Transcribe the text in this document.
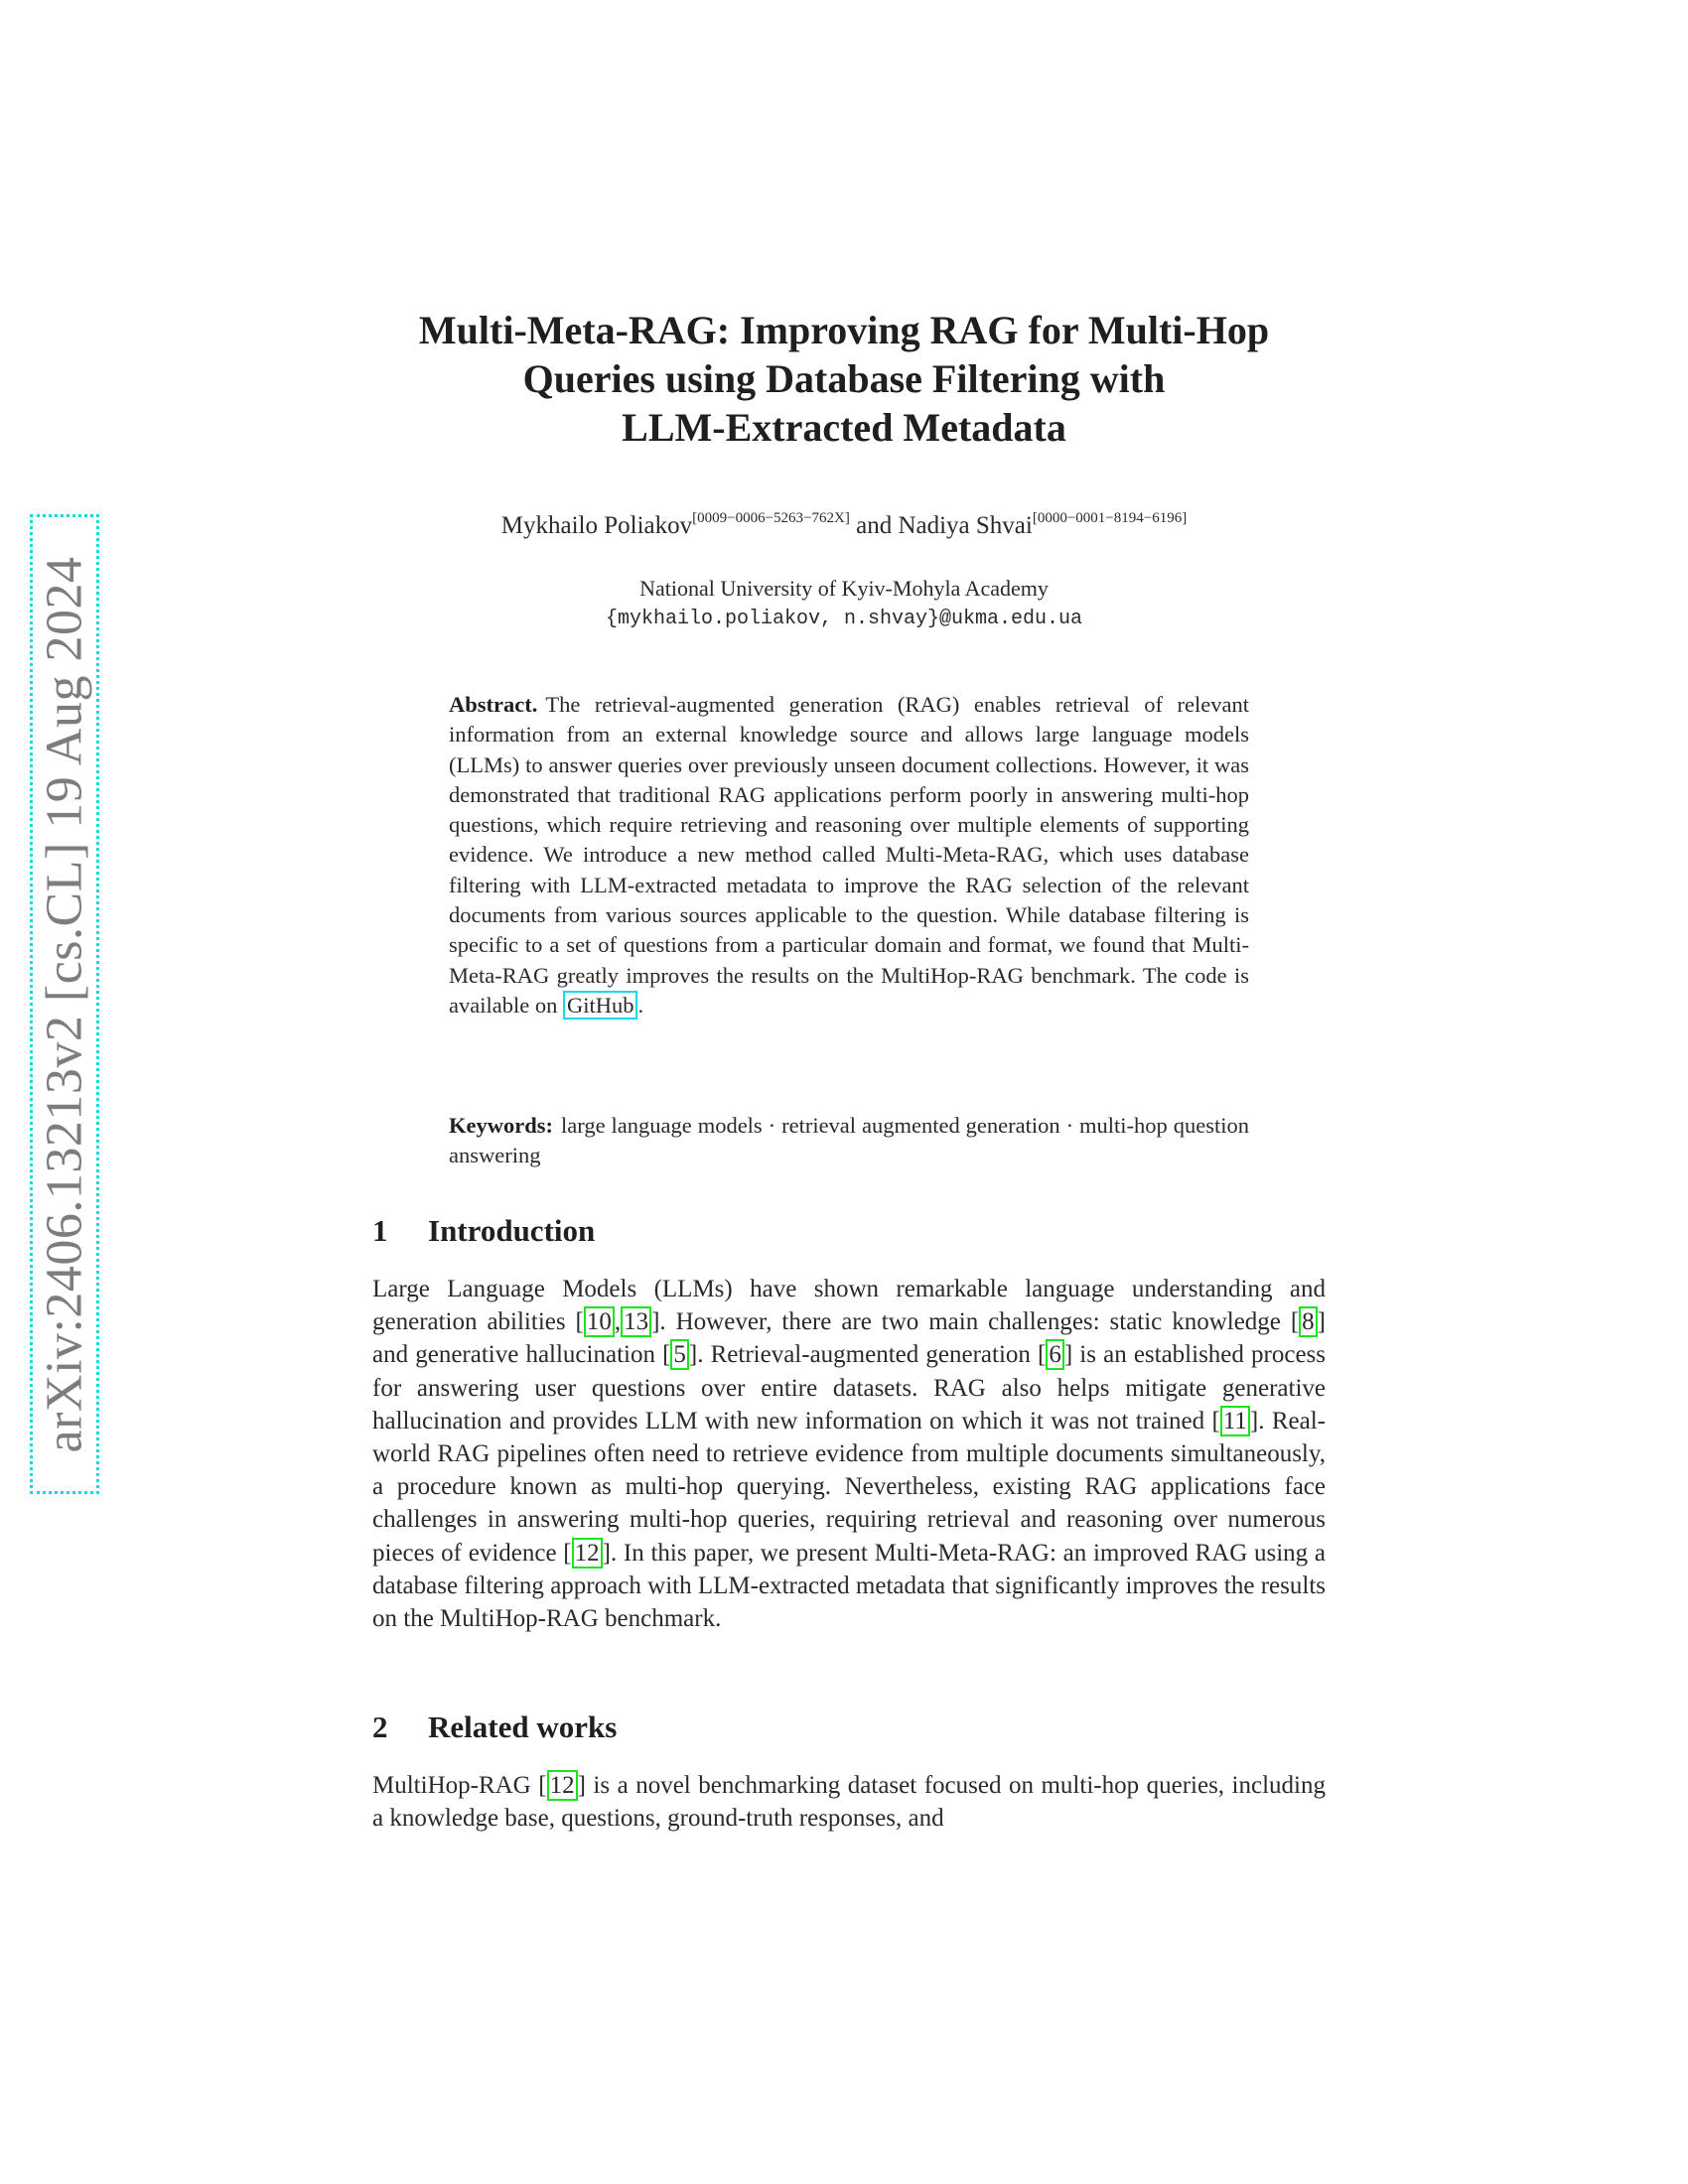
arXiv:2406.13213v2 [cs.CL] 19 Aug 2024
Multi-Meta-RAG: Improving RAG for Multi-Hop
Queries using Database Filtering with
LLM-Extracted Metadata
Mykhailo Poliakov[0009−0006−5263−762X] and Nadiya Shvai[0000−0001−8194−6196]
National University of Kyiv-Mohyla Academy
{mykhailo.poliakov, n.shvay}@ukma.edu.ua
Abstract. The retrieval-augmented generation (RAG) enables retrieval of relevant information from an external knowledge source and allows large language models (LLMs) to answer queries over previously unseen document collections. However, it was demonstrated that traditional RAG applications perform poorly in answering multi-hop questions, which require retrieving and reasoning over multiple elements of supporting evidence. We introduce a new method called Multi-Meta-RAG, which uses database filtering with LLM-extracted metadata to improve the RAG selection of the relevant documents from various sources applicable to the question. While database filtering is specific to a set of questions from a particular domain and format, we found that Multi-Meta-RAG greatly improves the results on the MultiHop-RAG benchmark. The code is available on GitHub .
Keywords: large language models · retrieval augmented generation · multi-hop question answering
1 Introduction
Large Language Models (LLMs) have shown remarkable language understanding and generation abilities [ 10 , 13 ]. However, there are two main challenges: static knowledge [ 8 ] and generative hallucination [ 5 ]. Retrieval-augmented generation [ 6 ] is an established process for answering user questions over entire datasets. RAG also helps mitigate generative hallucination and provides LLM with new information on which it was not trained [ 11 ]. Real-world RAG pipelines often need to retrieve evidence from multiple documents simultaneously, a procedure known as multi-hop querying. Nevertheless, existing RAG applications face challenges in answering multi-hop queries, requiring retrieval and reasoning over numerous pieces of evidence [ 12 ]. In this paper, we present Multi-Meta-RAG: an improved RAG using a database filtering approach with LLM-extracted metadata that significantly improves the results on the MultiHop-RAG benchmark.
2 Related works
MultiHop-RAG [ 12 ] is a novel benchmarking dataset focused on multi-hop queries, including a knowledge base, questions, ground-truth responses, and
